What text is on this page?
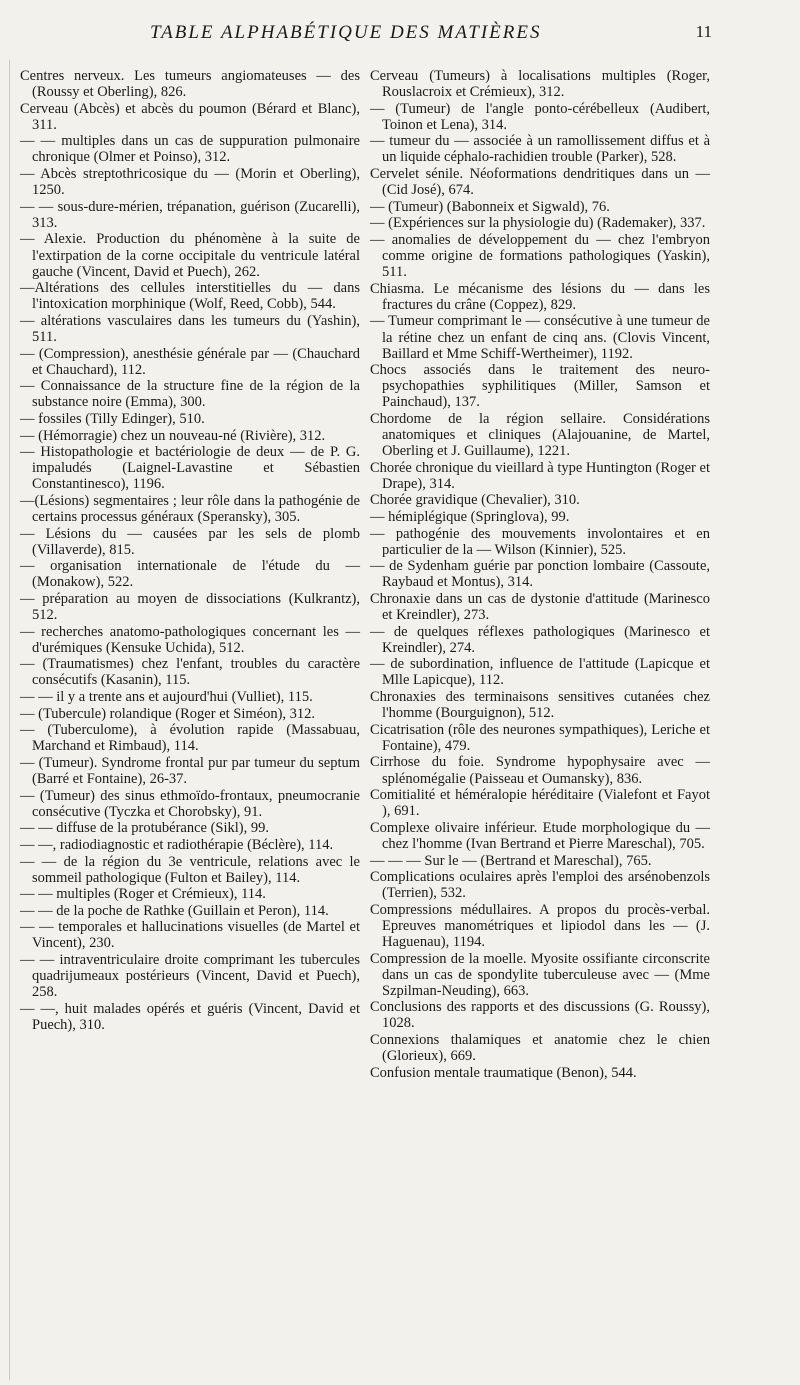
TABLE ALPHABÉTIQUE DES MATIÈRES	11

Centres nerveux. Les tumeurs angiomateuses — des (Roussy et Oberling), 826.

Cerveau (Abcès) et abcès du poumon (Bérard et Blanc), 311.

— — multiples dans un cas de suppuration pulmonaire chronique (Olmer et Poinso), 312.

— Abcès streptothricosique du — (Morin et Oberling), 1250.

— — sous-dure-mérien, trépanation, guérison (Zucarelli), 313.

— Alexie. Production du phénomène à la suite de l'extirpation de la corne occipitale du ventricule latéral gauche (Vincent, David et Puech), 262.

—Altérations des cellules interstitielles du — dans l'intoxication morphinique (Wolf, Reed, Cobb), 544.

— altérations vasculaires dans les tumeurs du (Yashin), 511.

— (Compression), anesthésie générale par — (Chauchard et Chauchard), 112.

— Connaissance de la structure fine de la région de la substance noire (Emma), 300.

— fossiles (Tilly Edinger), 510.

— (Hémorragie) chez un nouveau-né (Rivière), 312.

— Histopathologie et bactériologie de deux — de P. G. impaludés (Laignel-Lavastine et Sébastien Constantinesco), 1196.

—(Lésions) segmentaires ; leur rôle dans la pathogénie de certains processus généraux (Speransky), 305.

— Lésions du — causées par les sels de plomb (Villaverde), 815.

— organisation internationale de l'étude du — (Monakow), 522.

— préparation au moyen de dissociations (Kulkrantz), 512.

— recherches anatomo-pathologiques concernant les — d'urémiques (Kensuke Uchida), 512.

— (Traumatismes) chez l'enfant, troubles du caractère consécutifs (Kasanin), 115.

— — il y a trente ans et aujourd'hui (Vulliet), 115.

— (Tubercule) rolandique (Roger et Siméon), 312.

— (Tuberculome), à évolution rapide (Massabuau, Marchand et Rimbaud), 114.

— (Tumeur). Syndrome frontal pur par tumeur du septum (Barré et Fontaine), 26-37.

— (Tumeur) des sinus ethmoïdo-frontaux, pneumocranie consécutive (Tyczka et Chorobsky), 91.

— — diffuse de la protubérance (Sikl), 99.

— —, radiodiagnostic et radiothérapie (Béclère), 114.

— — de la région du 3e ventricule, relations avec le sommeil pathologique (Fulton et Bailey), 114.

— — multiples (Roger et Crémieux), 114.

— — de la poche de Rathke (Guillain et Peron), 114.

— — temporales et hallucinations visuelles (de Martel et Vincent), 230.

— — intraventriculaire droite comprimant les tubercules quadrijumeaux postérieurs (Vincent, David et Puech), 258.

— —, huit malades opérés et guéris (Vincent, David et Puech), 310.

Cerveau (Tumeurs) à localisations multiples (Roger, Rouslacroix et Crémieux), 312.

— (Tumeur) de l'angle ponto-cérébelleux (Audibert, Toinon et Lena), 314.

— tumeur du — associée à un ramollissement diffus et à un liquide céphalo-rachidien trouble (Parker), 528.

Cervelet sénile. Néoformations dendritiques dans un — (Cid José), 674.

— (Tumeur) (Babonneix et Sigwald), 76.

— (Expériences sur la physiologie du) (Rademaker), 337.

— anomalies de développement du — chez l'embryon comme origine de formations pathologiques (Yaskin), 511.

Chiasma. Le mécanisme des lésions du — dans les fractures du crâne (Coppez), 829.

— Tumeur comprimant le — consécutive à une tumeur de la rétine chez un enfant de cinq ans. (Clovis Vincent, Baillard et Mme Schiff-Wertheimer), 1192.

Chocs associés dans le traitement des neuro-psychopathies syphilitiques (Miller, Samson et Painchaud), 137.

Chordome de la région sellaire. Considérations anatomiques et cliniques (Alajouanine, de Martel, Oberling et J. Guillaume), 1221.

Chorée chronique du vieillard à type Huntington (Roger et Drape), 314.

Chorée gravidique (Chevalier), 310.

— hémiplégique (Springlova), 99.

— pathogénie des mouvements involontaires et en particulier de la — Wilson (Kinnier), 525.

— de Sydenham guérie par ponction lombaire (Cassoute, Raybaud et Montus), 314.

Chronaxie dans un cas de dystonie d'attitude (Marinesco et Kreindler), 273.

— de quelques réflexes pathologiques (Marinesco et Kreindler), 274.

— de subordination, influence de l'attitude (Lapicque et Mlle Lapicque), 112.

Chronaxies des terminaisons sensitives cutanées chez l'homme (Bourguignon), 512.

Cicatrisation (rôle des neurones sympathiques), Leriche et Fontaine), 479.

Cirrhose du foie. Syndrome hypophysaire avec — splénomégalie (Paisseau et Oumansky), 836.

Comitialité et héméralopie héréditaire (Vialefont et Fayot ), 691.

Complexe olivaire inférieur. Etude morphologique du — chez l'homme (Ivan Bertrand et Pierre Mareschal), 705.

— — — Sur le — (Bertrand et Mareschal), 765.

Complications oculaires après l'emploi des arsénobenzols (Terrien), 532.

Compressions médullaires. A propos du procès-verbal. Epreuves manométriques et lipiodol dans les — (J. Haguenau), 1194.

Compression de la moelle. Myosite ossifiante circonscrite dans un cas de spondylite tuberculeuse avec — (Mme Szpilman-Neuding), 663.

Conclusions des rapports et des discussions (G. Roussy), 1028.

Connexions thalamiques et anatomie chez le chien (Glorieux), 669.

Confusion mentale traumatique (Benon), 544.
